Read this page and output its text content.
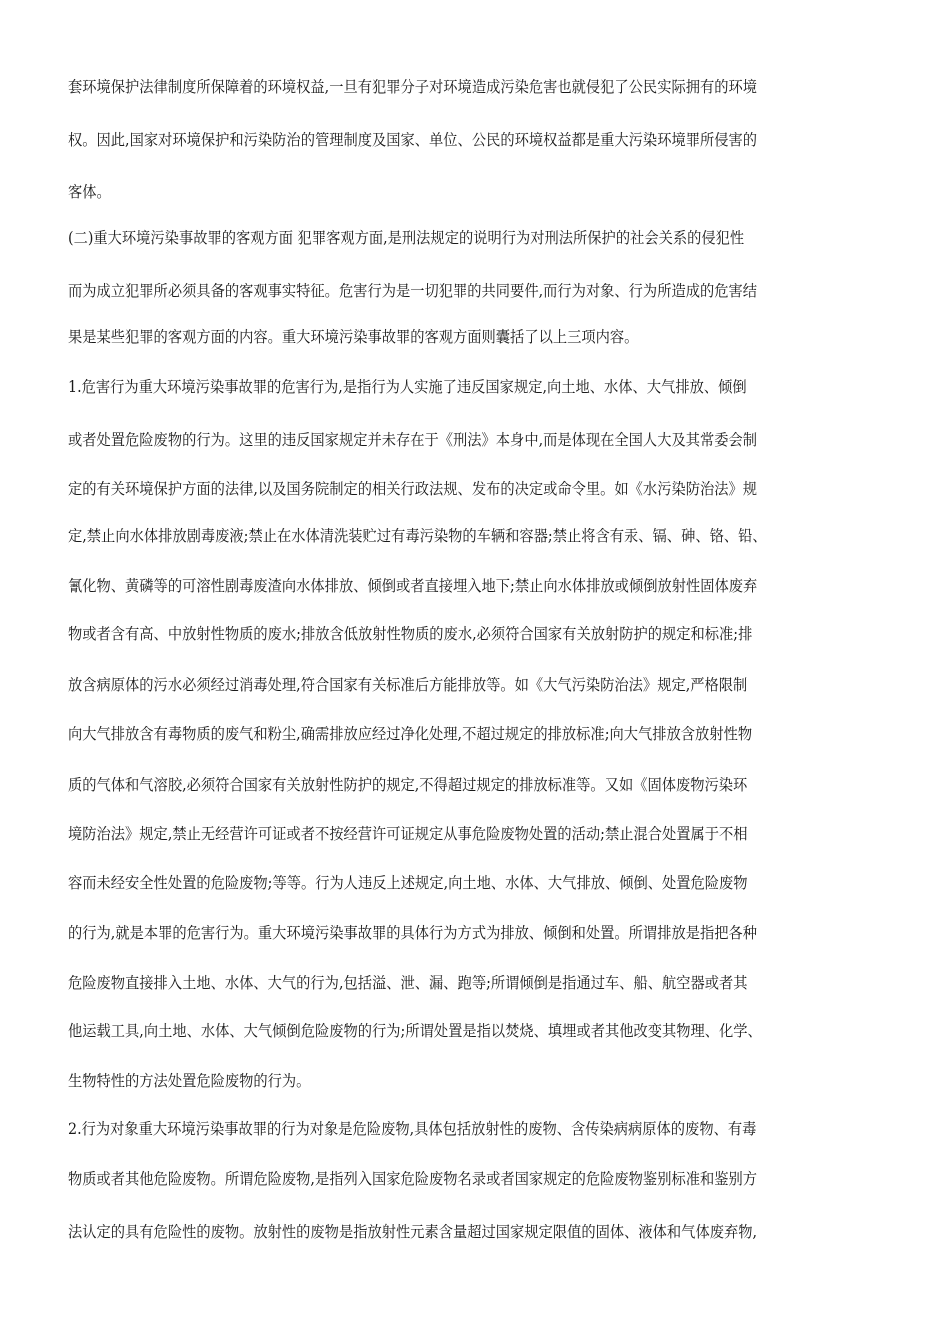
套环境保护法律制度所保障着的环境权益,一旦有犯罪分子对环境造成污染危害也就侵犯了公民实际拥有的环境
权。因此,国家对环境保护和污染防治的管理制度及国家、单位、公民的环境权益都是重大污染环境罪所侵害的
客体。
(二)重大环境污染事故罪的客观方面 犯罪客观方面,是刑法规定的说明行为对刑法所保护的社会关系的侵犯性
而为成立犯罪所必须具备的客观事实特征。危害行为是一切犯罪的共同要件,而行为对象、行为所造成的危害结
果是某些犯罪的客观方面的内容。重大环境污染事故罪的客观方面则囊括了以上三项内容。
1.危害行为重大环境污染事故罪的危害行为,是指行为人实施了违反国家规定,向土地、水体、大气排放、倾倒
或者处置危险废物的行为。这里的违反国家规定并未存在于《刑法》本身中,而是体现在全国人大及其常委会制
定的有关环境保护方面的法律,以及国务院制定的相关行政法规、发布的决定或命令里。如《水污染防治法》规
定,禁止向水体排放剧毒废液;禁止在水体清洗装贮过有毒污染物的车辆和容器;禁止将含有汞、镉、砷、铬、铅、
氰化物、黄磷等的可溶性剧毒废渣向水体排放、倾倒或者直接埋入地下;禁止向水体排放或倾倒放射性固体废弃
物或者含有高、中放射性物质的废水;排放含低放射性物质的废水,必须符合国家有关放射防护的规定和标准;排
放含病原体的污水必须经过消毒处理,符合国家有关标准后方能排放等。如《大气污染防治法》规定,严格限制
向大气排放含有毒物质的废气和粉尘,确需排放应经过净化处理,不超过规定的排放标准;向大气排放含放射性物
质的气体和气溶胶,必须符合国家有关放射性防护的规定,不得超过规定的排放标准等。又如《固体废物污染环
境防治法》规定,禁止无经营许可证或者不按经营许可证规定从事危险废物处置的活动;禁止混合处置属于不相
容而未经安全性处置的危险废物;等等。行为人违反上述规定,向土地、水体、大气排放、倾倒、处置危险废物
的行为,就是本罪的危害行为。重大环境污染事故罪的具体行为方式为排放、倾倒和处置。所谓排放是指把各种
危险废物直接排入土地、水体、大气的行为,包括溢、泄、漏、跑等;所谓倾倒是指通过车、船、航空器或者其
他运载工具,向土地、水体、大气倾倒危险废物的行为;所谓处置是指以焚烧、填埋或者其他改变其物理、化学、
生物特性的方法处置危险废物的行为。
2.行为对象重大环境污染事故罪的行为对象是危险废物,具体包括放射性的废物、含传染病病原体的废物、有毒
物质或者其他危险废物。所谓危险废物,是指列入国家危险废物名录或者国家规定的危险废物鉴别标准和鉴别方
法认定的具有危险性的废物。放射性的废物是指放射性元素含量超过国家规定限值的固体、液体和气体废弃物,
